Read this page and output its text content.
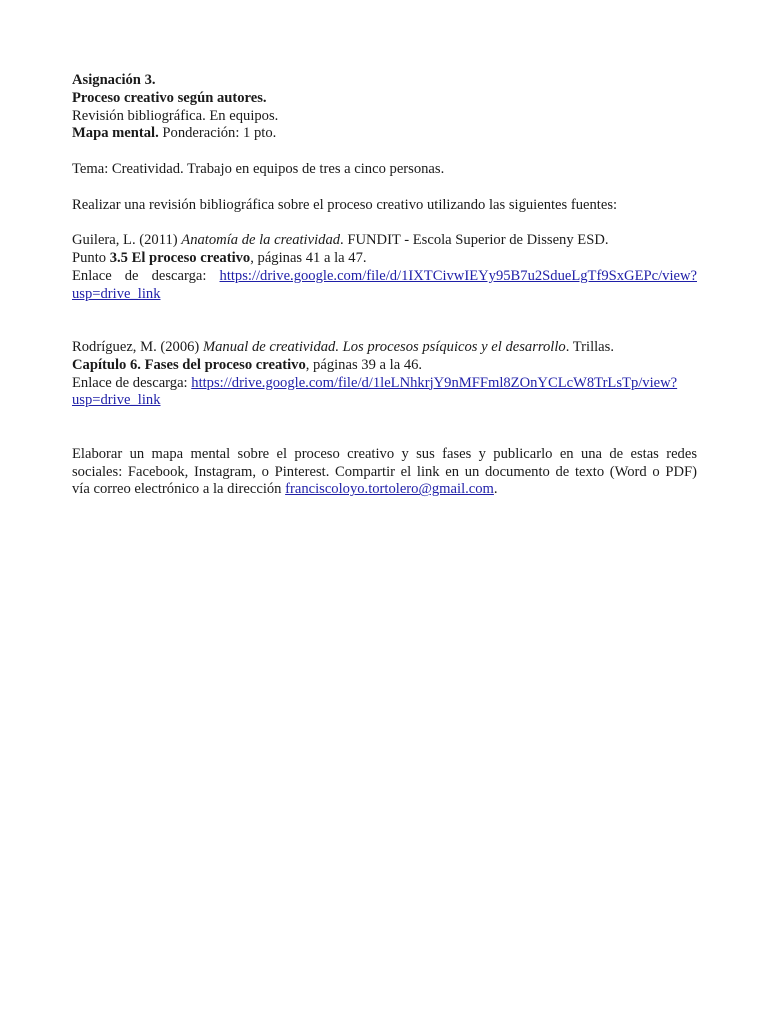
Asignación 3.
Proceso creativo según autores.
Revisión bibliográfica. En equipos.
Mapa mental. Ponderación: 1 pto.
Tema: Creatividad. Trabajo en equipos de tres a cinco personas.
Realizar una revisión bibliográfica sobre el proceso creativo utilizando las siguientes fuentes:
Guilera, L. (2011) Anatomía de la creatividad. FUNDIT - Escola Superior de Disseny ESD.
Punto 3.5 El proceso creativo, páginas 41 a la 47.
Enlace de descarga: https://drive.google.com/file/d/1IXTCivwIEYy95B7u2SdueLgTf9SxGEPc/view?
usp=drive_link
Rodríguez, M. (2006) Manual de creatividad. Los procesos psíquicos y el desarrollo. Trillas.
Capítulo 6. Fases del proceso creativo, páginas 39 a la 46.
Enlace de descarga: https://drive.google.com/file/d/1leLNhkrjY9nMFFml8ZOnYCLcW8TrLsTp/view?
usp=drive_link
Elaborar un mapa mental sobre el proceso creativo y sus fases y publicarlo en una de estas redes
sociales: Facebook, Instagram, o Pinterest. Compartir el link en un documento de texto (Word o PDF)
vía correo electrónico a la dirección franciscoloyo.tortolero@gmail.com.
